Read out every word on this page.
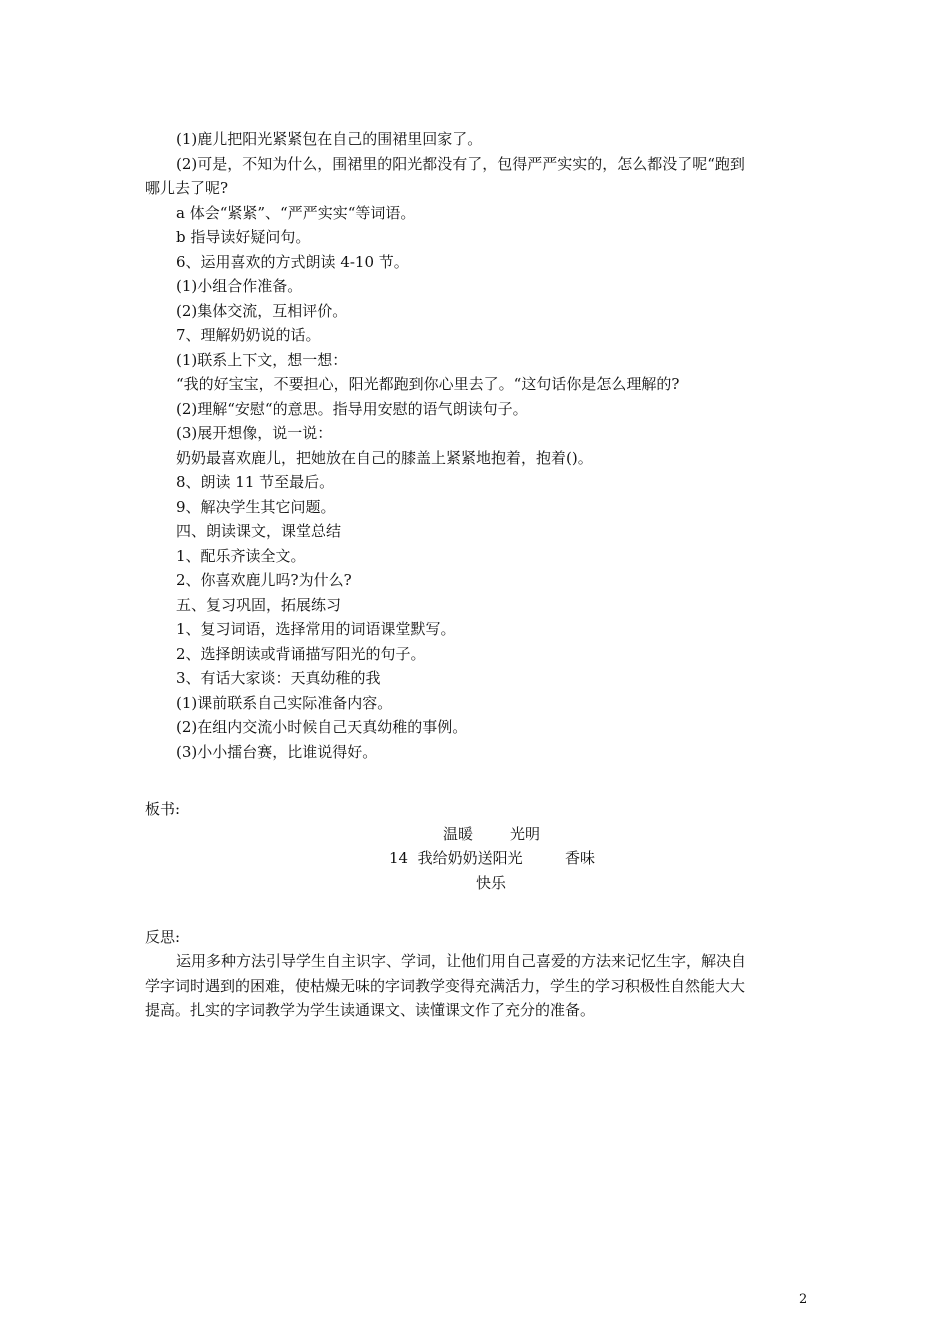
(1)鹿儿把阳光紧紧包在自己的围裙里回家了。
(2)可是，不知为什么，围裙里的阳光都没有了，包得严严实实的，怎么都没了呢“跑到
哪儿去了呢?
a 体会“紧紧”、“严严实实“等词语。
b 指导读好疑问句。
6、运用喜欢的方式朗读 4-10 节。
(1)小组合作准备。
(2)集体交流，互相评价。
7、理解奶奶说的话。
(1)联系上下文，想一想：
“我的好宝宝，不要担心，阳光都跑到你心里去了。“这句话你是怎么理解的?
(2)理解“安慰“的意思。指导用安慰的语气朗读句子。
(3)展开想像，说一说：
奶奶最喜欢鹿儿，把她放在自己的膝盖上紧紧地抱着，抱着()。
8、朗读 11 节至最后。
9、解决学生其它问题。
四、朗读课文，课堂总结
1、配乐齐读全文。
2、你喜欢鹿儿吗?为什么?
五、复习巩固，拓展练习
1、复习词语，选择常用的词语课堂默写。
2、选择朗读或背诵描写阳光的句子。
3、有话大家谈：天真幼稚的我
(1)课前联系自己实际准备内容。
(2)在组内交流小时候自己天真幼稚的事例。
(3)小小擂台赛，比谁说得好。
板书:
温暖 光明
14  我给奶奶送阳光	香味
快乐
反思:
运用多种方法引导学生自主识字、学词，让他们用自己喜爱的方法来记忆生字，解决自
学字词时遇到的困难，使枯燥无味的字词教学变得充满活力，学生的学习积极性自然能大大
提高。扎实的字词教学为学生读通课文、读懂课文作了充分的准备。
2
